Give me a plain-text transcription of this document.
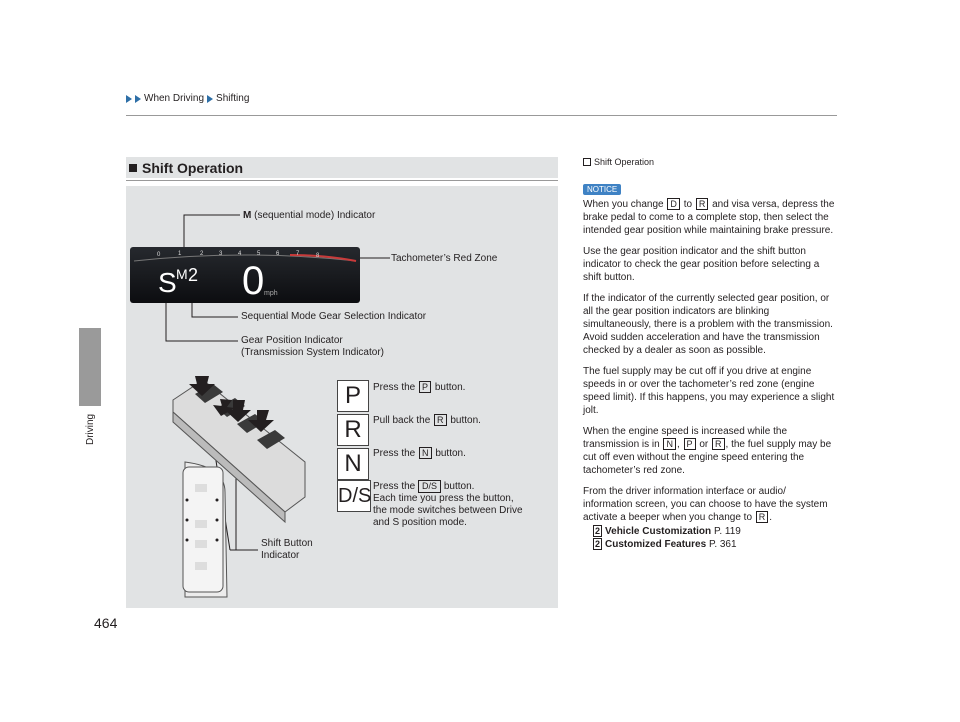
When Driving Shifting
Driving
464
Shift Operation
0	1	2	3	4	5	6	7	8
S M 2 0 mph
M (sequential mode) Indicator
Tachometer’s Red Zone
Sequential Mode Gear Selection Indicator
Gear Position Indicator
(Transmission System Indicator)
Shift Button
Indicator
P	Press the P button.
R	Pull back the R button.
N	Press the N button.
D/S Press the D/S button.
Each time you press the button,
the mode switches between Drive
and S position mode.
Shift Operation
NOTICE

When you change D to R and visa versa, depress the brake pedal to come to a complete stop, then select the intended gear position while maintaining brake pressure.

Use the gear position indicator and the shift button indicator to check the gear position before selecting a shift button.

If the indicator of the currently selected gear position, or all the gear position indicators are blinking simultaneously, there is a problem with the transmission.

Avoid sudden acceleration and have the transmission checked by a dealer as soon as possible.

The fuel supply may be cut off if you drive at engine speeds in or over the tachometer’s red zone (engine speed limit). If this happens, you may experience a slight jolt.

When the engine speed is increased while the transmission is in N , P or R , the fuel supply may be cut off even without the engine speed entering the tachometer’s red zone.

From the driver information interface or audio/ information screen, you can choose to have the system activate a beeper when you change to R .

2 Vehicle Customization P. 119
2 Customized Features P. 361
